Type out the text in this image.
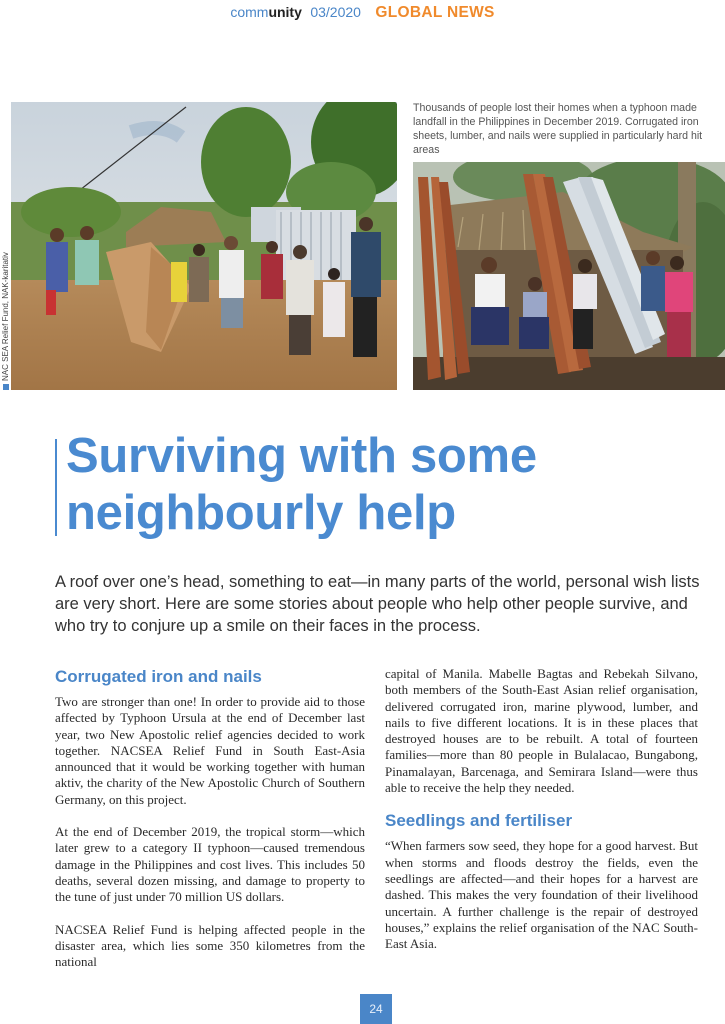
community 03/2020 GLOBAL NEWS
Thousands of people lost their homes when a typhoon made landfall in the Philippines in December 2019. Corrugated iron sheets, lumber, and nails were supplied in particularly hard hit areas
NAC SEA Relief Fund, NAK-karitativ
Surviving with some
neighbourly help

A roof over one’s head, something to eat—in many parts of the world, personal wish lists are very short. Here are some stories about people who help other people survive, and who try to conjure up a smile on their faces in the process.

Corrugated iron and nails

Two are stronger than one! In order to provide aid to those affected by Typhoon Ursula at the end of December last year, two New Apostolic relief agencies decided to work together. NACSEA Relief Fund in South East-Asia announced that it would be working together with human aktiv, the charity of the New Apostolic Church of Southern Germany, on this project.

At the end of December 2019, the tropical storm—which later grew to a category II typhoon—caused tremendous damage in the Philippines and cost lives. This includes 50 deaths, several dozen missing, and damage to property to the tune of just under 70 million US dollars.

NACSEA Relief Fund is helping affected people in the disaster area, which lies some 350 kilometres from the national

capital of Manila. Mabelle Bagtas and Rebekah Silvano, both members of the South-East Asian relief organisation, delivered corrugated iron, marine plywood, lumber, and nails to five different locations. It is in these places that destroyed houses are to be rebuilt. A total of fourteen families—more than 80 people in Bulalacao, Bungabong, Pinamalayan, Barcenaga, and Semirara Island—were thus able to receive the help they needed.

Seedlings and fertiliser

“When farmers sow seed, they hope for a good harvest. But when storms and floods destroy the fields, even the seedlings are affected—and their hopes for a harvest are dashed. This makes the very foundation of their livelihood uncertain. A further challenge is the repair of destroyed houses,” explains the relief organisation of the NAC South-East Asia.

24
